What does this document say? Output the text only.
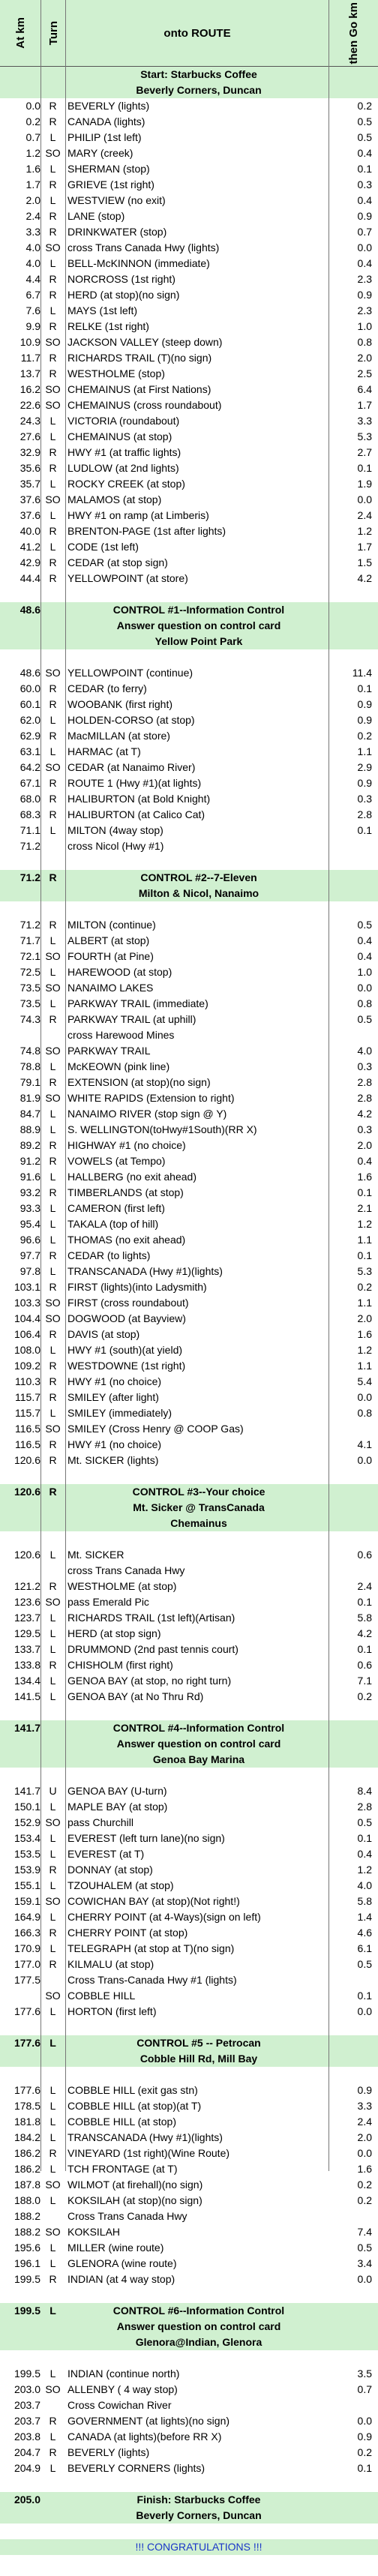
At km Turn	onto ROUTE	then Go km
Start: Starbucks Coffee
Beverly Corners, Duncan
0.0 R	BEVERLY (lights)	0.2
0.2 R	CANADA (lights)	0.5
0.7 L	PHILIP (1st left)	0.5
1.2 SO MARY (creek)	0.4
1.6 L	SHERMAN (stop)	0.1
1.7 R	GRIEVE (1st right)	0.3
2.0 L	WESTVIEW (no exit)	0.4
2.4 R	LANE (stop)	0.9
3.3 R	DRINKWATER (stop)	0.7
4.0 SO cross Trans Canada Hwy (lights)	0.0
4.0 L	BELL-McKINNON (immediate)	0.4
4.4 R	NORCROSS (1st right)	2.3
6.7 R	HERD (at stop)(no sign)	0.9
7.6 L	MAYS (1st left)	2.3
9.9 R	RELKE (1st right)	1.0
10.9 SO JACKSON VALLEY (steep down)	0.8
11.7 R	RICHARDS TRAIL (T)(no sign)	2.0
13.7 R	WESTHOLME (stop)	2.5
16.2 SO CHEMAINUS (at First Nations)	6.4
22.6 SO CHEMAINUS (cross roundabout)	1.7
24.3 L	VICTORIA (roundabout)	3.3
27.6 L	CHEMAINUS (at stop)	5.3
32.9 R	HWY #1 (at traffic lights)	2.7
35.6 R	LUDLOW (at 2nd lights)	0.1
35.7 L	ROCKY CREEK (at stop)	1.9
37.6 SO MALAMOS (at stop)	0.0
37.6 L	HWY #1 on ramp (at Limberis)	2.4
40.0 R	BRENTON-PAGE (1st after lights)	1.2
41.2 L	CODE (1st left)	1.7
42.9 R	CEDAR (at stop sign)	1.5
44.4 R	YELLOWPOINT (at store)	4.2
48.6	CONTROL #1--Information Control
Answer question on control card
Yellow Point Park
48.6 SO YELLOWPOINT (continue)	11.4
60.0 R	CEDAR (to ferry)	0.1
60.1 R	WOOBANK (first right)	0.9
62.0 L	HOLDEN-CORSO (at stop)	0.9
62.9 R	MacMILLAN (at store)	0.2
63.1 L	HARMAC (at T)	1.1
64.2 SO CEDAR (at Nanaimo River)	2.9
67.1 R	ROUTE 1 (Hwy #1)(at lights)	0.9
68.0 R	HALIBURTON (at Bold Knight)	0.3
68.3 R	HALIBURTON (at Calico Cat)	2.8
71.1 L	MILTON (4way stop)	0.1
71.2	cross Nicol (Hwy #1)
71.2 R	CONTROL #2--7-Eleven
Milton & Nicol, Nanaimo
71.2 R	MILTON (continue)	0.5
71.7 L	ALBERT (at stop)	0.4
72.1 SO FOURTH (at Pine)	0.4
72.5 L	HAREWOOD (at stop)	1.0
73.5 SO NANAIMO LAKES	0.0
73.5 L	PARKWAY TRAIL (immediate)	0.8
74.3 R	PARKWAY TRAIL (at uphill)	0.5
cross Harewood Mines
74.8 SO PARKWAY TRAIL	4.0
78.8 L	McKEOWN (pink line)	0.3
79.1 R	EXTENSION (at stop)(no sign)	2.8
81.9 SO WHITE RAPIDS (Extension to right)	2.8
84.7 L	NANAIMO RIVER (stop sign @ Y)	4.2
88.9 L	S. WELLINGTON(toHwy#1South)(RR X)	0.3
89.2 R	HIGHWAY #1 (no choice)	2.0
91.2 R	VOWELS (at Tempo)	0.4
91.6 L	HALLBERG (no exit ahead)	1.6
93.2 R	TIMBERLANDS (at stop)	0.1
93.3 L	CAMERON (first left)	2.1
95.4 L	TAKALA (top of hill)	1.2
96.6 L	THOMAS (no exit ahead)	1.1
97.7 R	CEDAR (to lights)	0.1
97.8 L	TRANSCANADA (Hwy #1)(lights)	5.3
103.1 R	FIRST (lights)(into Ladysmith)	0.2
103.3 SO FIRST (cross roundabout)	1.1
104.4 SO DOGWOOD (at Bayview)	2.0
106.4 R	DAVIS (at stop)	1.6
108.0 L	HWY #1 (south)(at yield)	1.2
109.2 R	WESTDOWNE (1st right)	1.1
110.3 R	HWY #1 (no choice)	5.4
115.7 R	SMILEY (after light)	0.0
115.7 L	SMILEY (immediately)	0.8
116.5 SO SMILEY (Cross Henry @ COOP Gas)
116.5 R	HWY #1 (no choice)	4.1
120.6 R	Mt. SICKER (lights)	0.0
120.6 R	CONTROL #3--Your choice
Mt. Sicker @ TransCanada
Chemainus
120.6 L	Mt. SICKER	0.6
cross Trans Canada Hwy
121.2 R	WESTHOLME (at stop)	2.4
123.6 SO pass Emerald Pic	0.1
123.7 L	RICHARDS TRAIL (1st left)(Artisan)	5.8
129.5 L	HERD (at stop sign)	4.2
133.7 L	DRUMMOND (2nd past tennis court)	0.1
133.8 R	CHISHOLM (first right)	0.6
134.4 L	GENOA BAY (at stop, no right turn)	7.1
141.5 L	GENOA BAY (at No Thru Rd)	0.2
141.7	CONTROL #4--Information Control
Answer question on control card
Genoa Bay Marina
141.7 U	GENOA BAY (U-turn)	8.4
150.1 L	MAPLE BAY (at stop)	2.8
152.9 SO pass Churchill	0.5
153.4 L	EVEREST (left turn lane)(no sign)	0.1
153.5 L	EVEREST (at T)	0.4
153.9 R	DONNAY (at stop)	1.2
155.1 L	TZOUHALEM (at stop)	4.0
159.1 SO COWICHAN BAY (at stop)(Not right!)	5.8
164.9 L	CHERRY POINT (at 4-Ways)(sign on left)	1.4
166.3 R	CHERRY POINT (at stop)	4.6
170.9 L	TELEGRAPH (at stop at T)(no sign)	6.1
177.0 R	KILMALU (at stop)	0.5
177.5	Cross Trans-Canada Hwy #1 (lights)
SO COBBLE HILL	0.1
177.6 L	HORTON (first left)	0.0
177.6 L	CONTROL #5 -- Petrocan
Cobble Hill Rd, Mill Bay
177.6 L	COBBLE HILL (exit gas stn)	0.9
178.5 L	COBBLE HILL (at stop)(at T)	3.3
181.8 L	COBBLE HILL (at stop)	2.4
184.2 L	TRANSCANADA (Hwy #1)(lights)	2.0
186.2 R	VINEYARD (1st right)(Wine Route)	0.0
186.2 L	TCH FRONTAGE (at T)	1.6
187.8 SO WILMOT (at firehall)(no sign)	0.2
188.0 L	KOKSILAH (at stop)(no sign)	0.2
188.2	Cross Trans Canada Hwy
188.2 SO KOKSILAH	7.4
195.6 L	MILLER (wine route)	0.5
196.1 L	GLENORA (wine route)	3.4
199.5 R	INDIAN (at 4 way stop)	0.0
199.5 L	CONTROL #6--Information Control
Answer question on control card
Glenora@Indian, Glenora
199.5 L	INDIAN (continue north)	3.5
203.0 SO ALLENBY ( 4 way stop)	0.7
203.7	Cross Cowichan River
203.7 R	GOVERNMENT (at lights)(no sign)	0.0
203.8 L	CANADA (at lights)(before RR X)	0.9
204.7 R	BEVERLY (lights)	0.2
204.9 L	BEVERLY CORNERS (lights)	0.1
205.0	Finish: Starbucks Coffee
Beverly Corners, Duncan
!!! CONGRATULATIONS !!!
